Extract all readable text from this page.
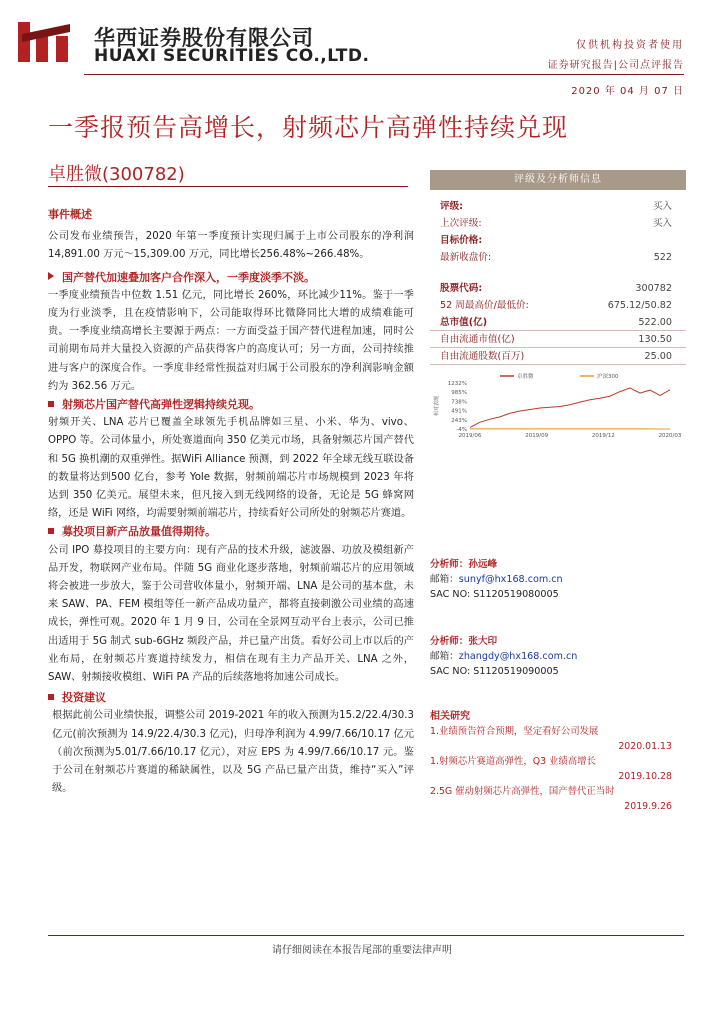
华西证券股份有限公司
HUAXI SECURITIES CO.,LTD.
仅供机构投资者使用
证券研究报告|公司点评报告
2020 年 04 月 07 日
一季报预告高增长，射频芯片高弹性持续兑现
卓胜微(300782)
事件概述
公司发布业绩预告，2020 年第一季度预计实现归属于上市公司股东的净利润 14,891.00 万元～15,309.00 万元，同比增长256.48%~266.48%。
国产替代加速叠加客户合作深入，一季度淡季不淡。
一季度业绩预告中位数 1.51 亿元，同比增长 260%，环比减少11%。鉴于一季度为行业淡季，且在疫情影响下，公司能取得环比微降同比大增的成绩难能可贵。一季度业绩高增长主要源于两点：一方面受益于国产替代进程加速，同时公司前期布局并大量投入资源的产品获得客户的高度认可；另一方面，公司持续推进与客户的深度合作。一季度非经常性损益对归属于公司股东的净利润影响金额约为 362.56 万元。
射频芯片国产替代高弹性逻辑持续兑现。
射频开关、LNA 芯片已覆盖全球领先手机品牌如三星、小米、华为、vivo、OPPO 等。公司体量小，所处赛道面向 350 亿美元市场，具备射频芯片国产替代和 5G 换机潮的双重弹性。据WiFi Alliance 预测，到 2022 年全球无线互联设备的数量将达到500 亿台，参考 Yole 数据，射频前端芯片市场规模到 2023 年将达到 350 亿美元。展望未来，但凡接入到无线网络的设备，无论是 5G 蜂窝网络，还是 WiFi 网络，均需要射频前端芯片，持续看好公司所处的射频芯片赛道。
募投项目新产品放量值得期待。
公司 IPO 募投项目的主要方向：现有产品的技术升级，滤波器、功放及模组新产品开发，物联网产业布局。伴随 5G 商业化逐步落地，射频前端芯片的应用领域将会被进一步放大，鉴于公司营收体量小，射频开端、LNA 是公司的基本盘，未来 SAW、PA、FEM 模组等任一新产品成功量产，都将直接刺激公司业绩的高速成长，弹性可观。2020 年 1 月 9 日，公司在全景网互动平台上表示，公司已推出适用于 5G 制式 sub-6GHz 频段产品，并已量产出货。看好公司上市以后的产业布局，在射频芯片赛道持续发力，相信在现有主力产品开关、LNA 之外，SAW、射频接收模组、WiFi PA 产品的后续落地将加速公司成长。
投资建议
根据此前公司业绩快报，调整公司 2019-2021 年的收入预测为15.2/22.4/30.3 亿元(前次预测为 14.9/22.4/30.3 亿元)，归母净利润为 4.99/7.66/10.17 亿元（前次预测为5.01/7.66/10.17 亿元），对应 EPS 为 4.99/7.66/10.17 元。鉴于公司在射频芯片赛道的稀缺属性，以及 5G 产品已量产出货，维持“买入”评级。
评级及分析师信息
评级:	买入
上次评级:	买入
目标价格:
最新收盘价:	522
股票代码:	300782
52 周最高价/最低价:	675.12/50.82
总市值(亿)	522.00
自由流通市值(亿)	130.50
自由流通股数(百万)	25.00
卓胜微	沪深300
1232%
985%
738%
491%
243%
-4%
相对表现
2019/06	2019/09	2019/12	2020/03
分析师：孙远峰
邮箱：sunyf@hx168.com.cn
SAC NO: S1120519080005
分析师：张大印
邮箱：zhangdy@hx168.com.cn
SAC NO: S1120519090005
相关研究
1.业绩预告符合预期，坚定看好公司发展
2020.01.13
1.射频芯片赛道高弹性，Q3 业绩高增长
2019.10.28
2.5G 催动射频芯片高弹性，国产替代正当时
2019.9.26
请仔细阅读在本报告尾部的重要法律声明
